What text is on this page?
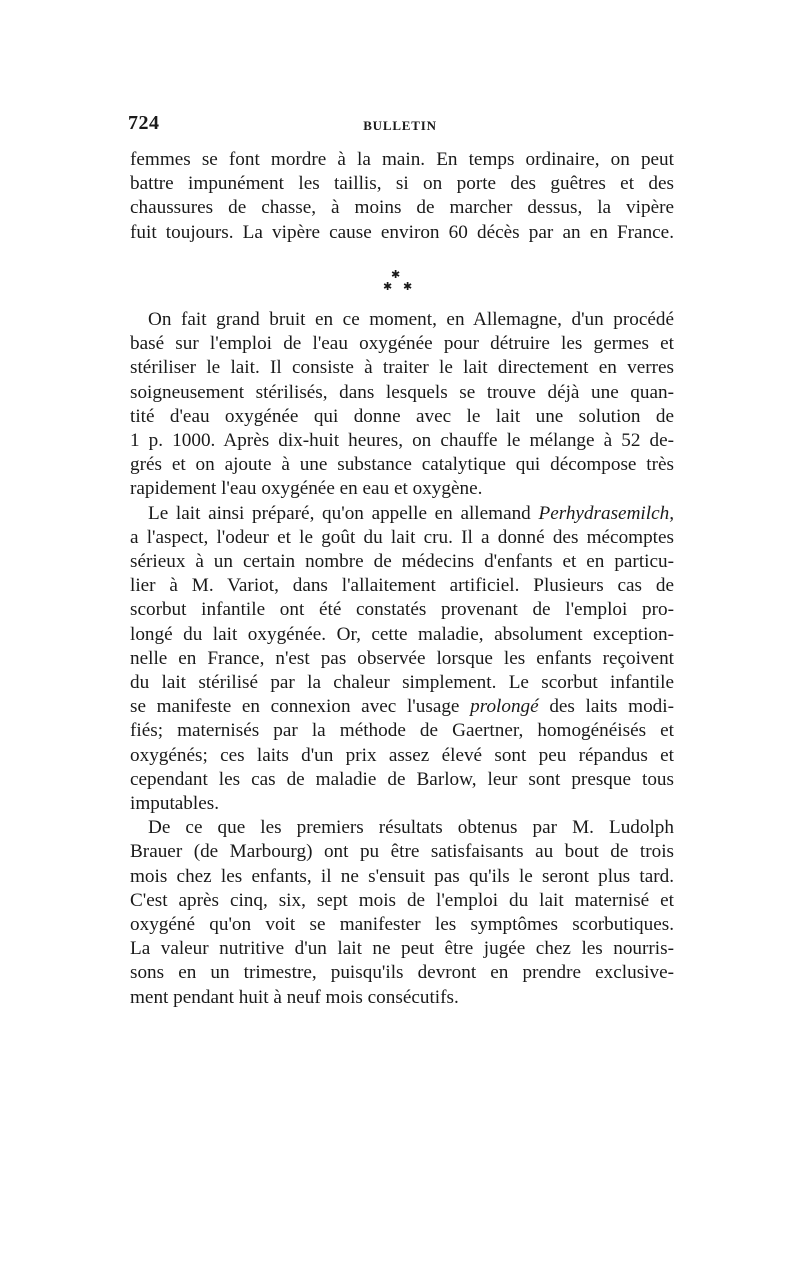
724	BULLETIN
femmes se font mordre à la main. En temps ordinaire, on peut
battre impunément les taillis, si on porte des guêtres et des
chaussures de chasse, à moins de marcher dessus, la vipère
fuit toujours. La vipère cause environ 60 décès par an en France.
✱
✱ ✱
On fait grand bruit en ce moment, en Allemagne, d'un procédé
basé sur l'emploi de l'eau oxygénée pour détruire les germes et
stériliser le lait. Il consiste à traiter le lait directement en verres
soigneusement stérilisés, dans lesquels se trouve déjà une quan-
tité d'eau oxygénée qui donne avec le lait une solution de
1 p. 1000. Après dix-huit heures, on chauffe le mélange à 52 de-
grés et on ajoute à une substance catalytique qui décompose très
rapidement l'eau oxygénée en eau et oxygène.
Le lait ainsi préparé, qu'on appelle en allemand Perhydrasemilch,
a l'aspect, l'odeur et le goût du lait cru. Il a donné des mécomptes
sérieux à un certain nombre de médecins d'enfants et en particu-
lier à M. Variot, dans l'allaitement artificiel. Plusieurs cas de
scorbut infantile ont été constatés provenant de l'emploi pro-
longé du lait oxygénée. Or, cette maladie, absolument exception-
nelle en France, n'est pas observée lorsque les enfants reçoivent
du lait stérilisé par la chaleur simplement. Le scorbut infantile
se manifeste en connexion avec l'usage prolongé des laits modi-
fiés; maternisés par la méthode de Gaertner, homogénéisés et
oxygénés; ces laits d'un prix assez élevé sont peu répandus et
cependant les cas de maladie de Barlow, leur sont presque tous
imputables.
De ce que les premiers résultats obtenus par M. Ludolph
Brauer (de Marbourg) ont pu être satisfaisants au bout de trois
mois chez les enfants, il ne s'ensuit pas qu'ils le seront plus tard.
C'est après cinq, six, sept mois de l'emploi du lait maternisé et
oxygéné qu'on voit se manifester les symptômes scorbutiques.
La valeur nutritive d'un lait ne peut être jugée chez les nourris-
sons en un trimestre, puisqu'ils devront en prendre exclusive-
ment pendant huit à neuf mois consécutifs.
